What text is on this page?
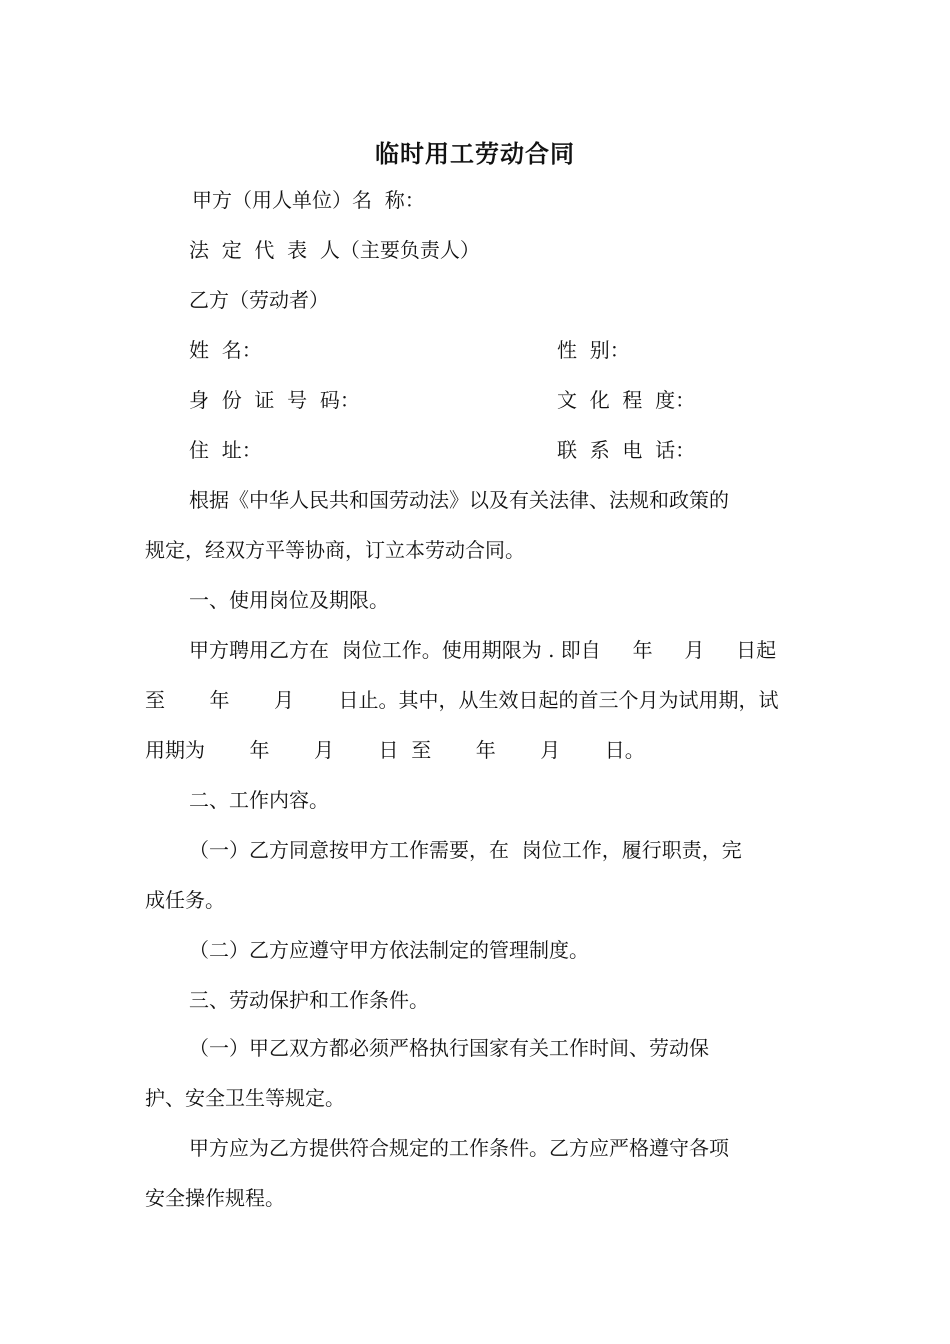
临时用工劳动合同
甲方（用人单位）名  称：
法  定  代  表  人（主要负责人）
乙方（劳动者）
姓  名：	性  别：
身  份  证  号  码：	文  化  程  度：
住  址：	联  系  电  话：
根据《中华人民共和国劳动法》以及有关法律、法规和政策的
规定，经双方平等协商，订立本劳动合同。
一、使用岗位及期限。
甲方聘用乙方在  岗位工作。使用期限为 . 即自     年     月     日起
至       年       月       日止。其中，从生效日起的首三个月为试用期，试
用期为       年       月       日  至       年       月       日。
二、工作内容。
（一）乙方同意按甲方工作需要，在  岗位工作，履行职责，完
成任务。
（二）乙方应遵守甲方依法制定的管理制度。
三、劳动保护和工作条件。
（一）甲乙双方都必须严格执行国家有关工作时间、劳动保
护、安全卫生等规定。
甲方应为乙方提供符合规定的工作条件。乙方应严格遵守各项
安全操作规程。
